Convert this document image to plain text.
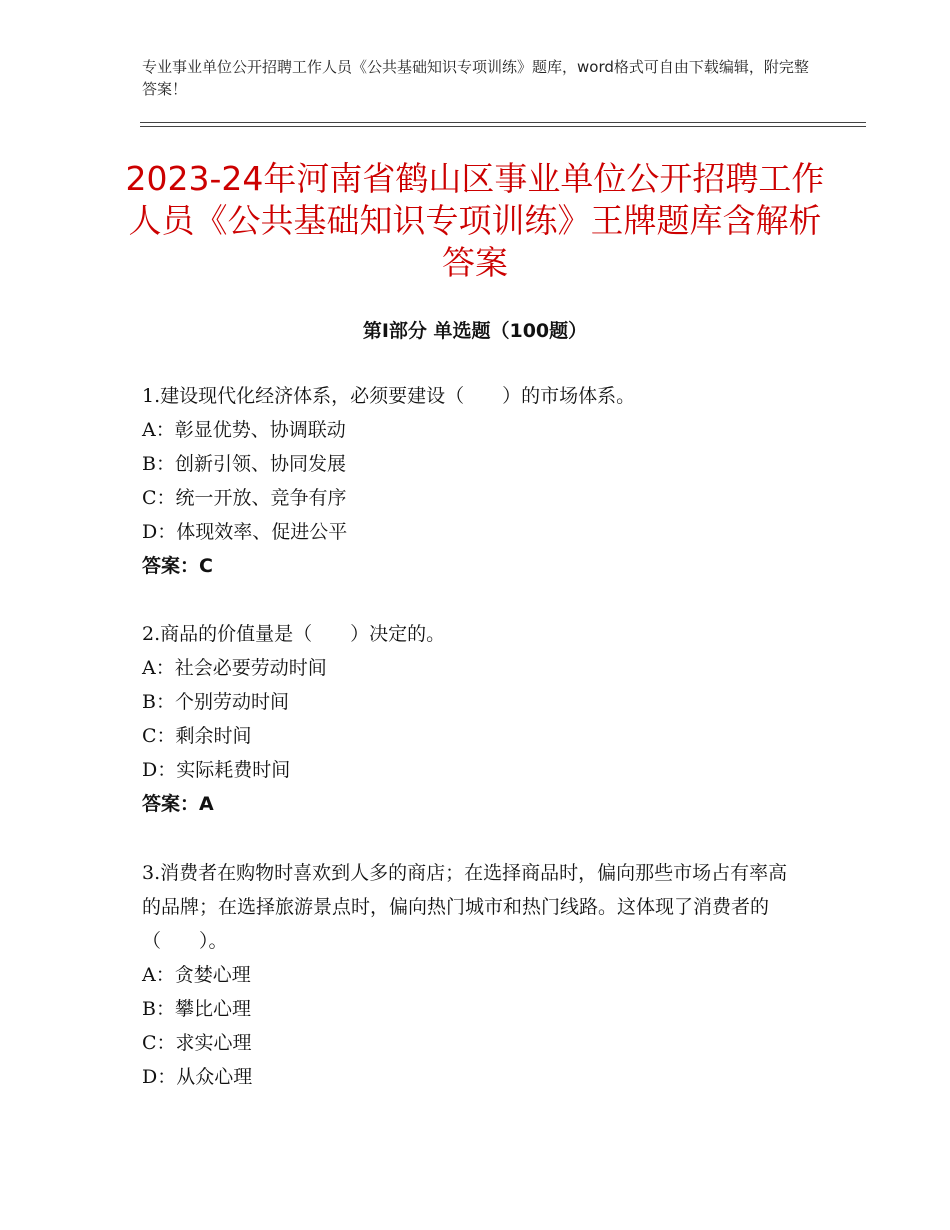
专业事业单位公开招聘工作人员《公共基础知识专项训练》题库，word格式可自由下载编辑，附完整答案！
2023-24年河南省鹤山区事业单位公开招聘工作人员《公共基础知识专项训练》王牌题库含解析答案
第I部分 单选题（100题）
1.建设现代化经济体系，必须要建设（　　）的市场体系。
A：彰显优势、协调联动
B：创新引领、协同发展
C：统一开放、竞争有序
D：体现效率、促进公平
答案：C
2.商品的价值量是（　　）决定的。
A：社会必要劳动时间
B：个别劳动时间
C：剩余时间
D：实际耗费时间
答案：A
3.消费者在购物时喜欢到人多的商店；在选择商品时，偏向那些市场占有率高的品牌；在选择旅游景点时，偏向热门城市和热门线路。这体现了消费者的（　　）。
A：贪婪心理
B：攀比心理
C：求实心理
D：从众心理
